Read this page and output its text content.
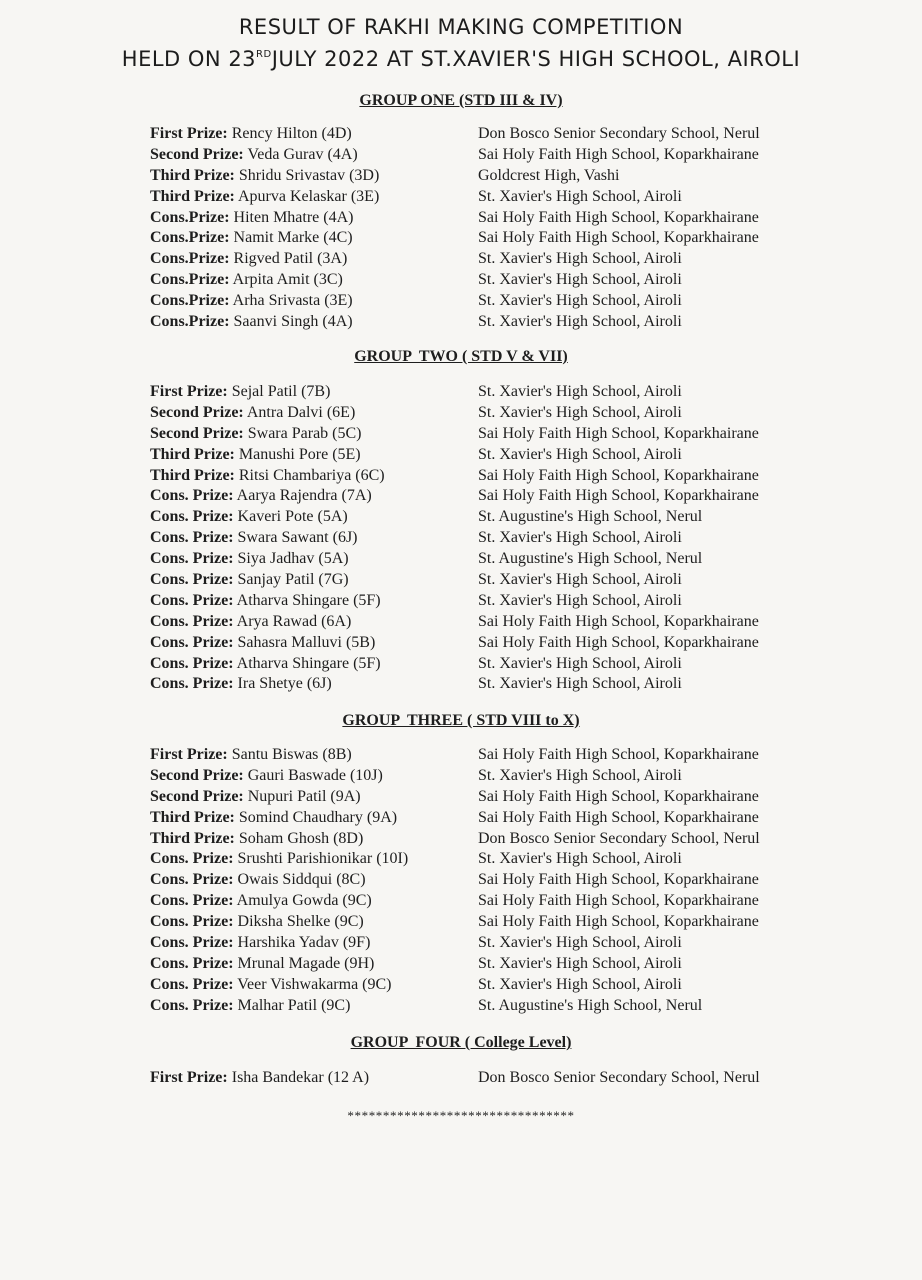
RESULT OF RAKHI MAKING COMPETITION
HELD ON 23RDJULY 2022 AT ST.XAVIER'S HIGH SCHOOL, AIROLI
GROUP ONE (STD III & IV)
First Prize: Rency Hilton (4D)	Don Bosco Senior Secondary School, Nerul
Second Prize: Veda Gurav (4A)	Sai Holy Faith High School, Koparkhairane
Third Prize: Shridu Srivastav (3D)	Goldcrest High, Vashi
Third Prize: Apurva Kelaskar (3E)	St. Xavier's High School, Airoli
Cons.Prize: Hiten Mhatre (4A)	Sai Holy Faith High School, Koparkhairane
Cons.Prize: Namit Marke (4C)	Sai Holy Faith High School, Koparkhairane
Cons.Prize: Rigved Patil (3A)	St. Xavier's High School, Airoli
Cons.Prize: Arpita Amit (3C)	St. Xavier's High School, Airoli
Cons.Prize: Arha Srivasta (3E)	St. Xavier's High School, Airoli
Cons.Prize: Saanvi Singh (4A)	St. Xavier's High School, Airoli
GROUP  TWO ( STD V & VII)
First Prize: Sejal Patil (7B)	St. Xavier's High School, Airoli
Second Prize: Antra Dalvi (6E)	St. Xavier's High School, Airoli
Second Prize: Swara Parab (5C)	Sai Holy Faith High School, Koparkhairane
Third Prize: Manushi Pore (5E)	St. Xavier's High School, Airoli
Third Prize: Ritsi Chambariya (6C)	Sai Holy Faith High School, Koparkhairane
Cons. Prize: Aarya Rajendra (7A)	Sai Holy Faith High School, Koparkhairane
Cons. Prize: Kaveri Pote (5A)	St. Augustine's High School, Nerul
Cons. Prize: Swara Sawant (6J)	St. Xavier's High School, Airoli
Cons. Prize: Siya Jadhav (5A)	St. Augustine's High School, Nerul
Cons. Prize: Sanjay Patil (7G)	St. Xavier's High School, Airoli
Cons. Prize: Atharva Shingare (5F)	St. Xavier's High School, Airoli
Cons. Prize: Arya Rawad (6A)	Sai Holy Faith High School, Koparkhairane
Cons. Prize: Sahasra Malluvi (5B)	Sai Holy Faith High School, Koparkhairane
Cons. Prize: Atharva Shingare (5F)	St. Xavier's High School, Airoli
Cons. Prize: Ira Shetye (6J)	St. Xavier's High School, Airoli
GROUP  THREE ( STD VIII to X)
First Prize: Santu Biswas (8B)	Sai Holy Faith High School, Koparkhairane
Second Prize: Gauri Baswade (10J)	St. Xavier's High School, Airoli
Second Prize: Nupuri Patil (9A)	Sai Holy Faith High School, Koparkhairane
Third Prize: Somind Chaudhary (9A)	Sai Holy Faith High School, Koparkhairane
Third Prize: Soham Ghosh (8D)	Don Bosco Senior Secondary School, Nerul
Cons. Prize: Srushti Parishionikar (10I)	St. Xavier's High School, Airoli
Cons. Prize: Owais Siddqui (8C)	Sai Holy Faith High School, Koparkhairane
Cons. Prize: Amulya Gowda (9C)	Sai Holy Faith High School, Koparkhairane
Cons. Prize: Diksha Shelke (9C)	Sai Holy Faith High School, Koparkhairane
Cons. Prize: Harshika Yadav (9F)	St. Xavier's High School, Airoli
Cons. Prize: Mrunal Magade (9H)	St. Xavier's High School, Airoli
Cons. Prize: Veer Vishwakarma (9C)	St. Xavier's High School, Airoli
Cons. Prize: Malhar Patil (9C)	St. Augustine's High School, Nerul
GROUP  FOUR ( College Level)
First Prize: Isha Bandekar (12 A)	Don Bosco Senior Secondary School, Nerul
********************************
